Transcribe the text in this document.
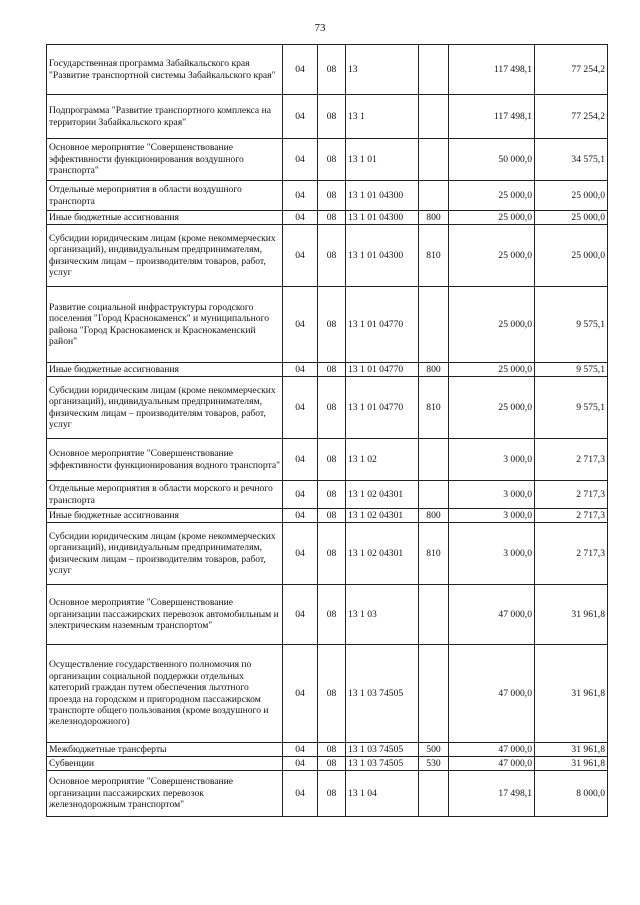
73
Государственная программа Забайкальского края "Развитие транспортной системы Забайкальского края"	04	08	13		117 498,1	77 254,2
Подпрограмма "Развитие транспортного комплекса на территории Забайкальского края"	04	08	13 1		117 498,1	77 254,2
Основное мероприятие "Совершенствование эффективности функционирования воздушного транспорта"	04	08	13 1 01		50 000,0	34 575,1
Отдельные мероприятия в области воздушного транспорта	04	08	13 1 01 04300		25 000,0	25 000,0
Иные бюджетные ассигнования	04	08	13 1 01 04300	800	25 000,0	25 000,0
Субсидии юридическим лицам (кроме некоммерческих организаций), индивидуальным предпринимателям, физическим лицам – производителям товаров, работ, услуг	04	08	13 1 01 04300	810	25 000,0	25 000,0
Развитие социальной инфраструктуры городского поселения "Город Краснокаменск" и муниципального района "Город Краснокаменск и Краснокаменский район"	04	08	13 1 01 04770		25 000,0	9 575,1
Иные бюджетные ассигнования	04	08	13 1 01 04770	800	25 000,0	9 575,1
Субсидии юридическим лицам (кроме некоммерческих организаций), индивидуальным предпринимателям, физическим лицам – производителям товаров, работ, услуг	04	08	13 1 01 04770	810	25 000,0	9 575,1
Основное мероприятие "Совершенствование эффективности функционирования водного транспорта"	04	08	13 1 02		3 000,0	2 717,3
Отдельные мероприятия в области морского и речного транспорта	04	08	13 1 02 04301		3 000,0	2 717,3
Иные бюджетные ассигнования	04	08	13 1 02 04301	800	3 000,0	2 717,3
Субсидии юридическим лицам (кроме некоммерческих организаций), индивидуальным предпринимателям, физическим лицам – производителям товаров, работ, услуг	04	08	13 1 02 04301	810	3 000,0	2 717,3
Основное мероприятие "Совершенствование организации пассажирских перевозок автомобильным и электрическим наземным транспортом"	04	08	13 1 03		47 000,0	31 961,8
Осуществление государственного полномочия по организации социальной поддержки отдельных категорий граждан путем обеспечения льготного проезда на городском и пригородном пассажирском транспорте общего пользования (кроме воздушного и железнодорожного)	04	08	13 1 03 74505		47 000,0	31 961,8
Межбюджетные трансферты	04	08	13 1 03 74505	500	47 000,0	31 961,8
Субвенции	04	08	13 1 03 74505	530	47 000,0	31 961,8
Основное мероприятие "Совершенствование организации пассажирских перевозок железнодорожным транспортом"	04	08	13 1 04		17 498,1	8 000,0
